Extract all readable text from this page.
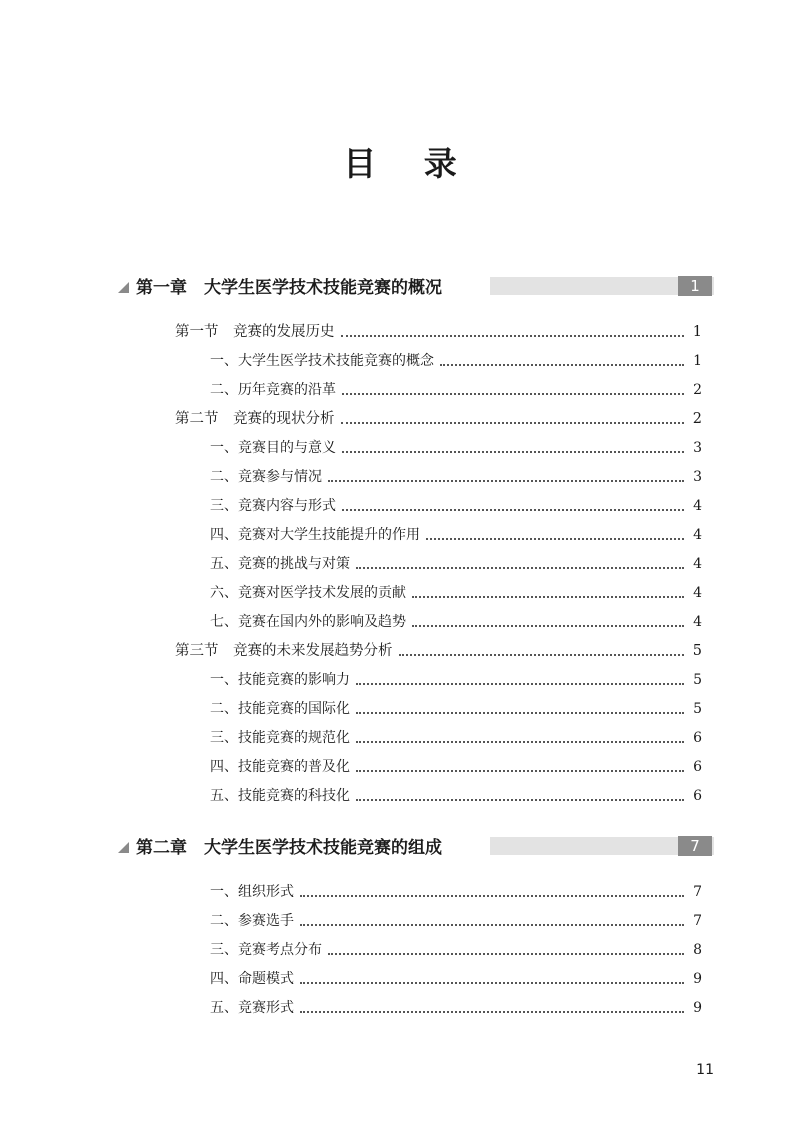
目 录
第一章　大学生医学技术技能竞赛的概况	1
第一节　竞赛的发展历史	1
一、大学生医学技术技能竞赛的概念	1
二、历年竞赛的沿革	2
第二节　竞赛的现状分析	2
一、竞赛目的与意义	3
二、竞赛参与情况	3
三、竞赛内容与形式	4
四、竞赛对大学生技能提升的作用	4
五、竞赛的挑战与对策	4
六、竞赛对医学技术发展的贡献	4
七、竞赛在国内外的影响及趋势	4
第三节　竞赛的未来发展趋势分析	5
一、技能竞赛的影响力	5
二、技能竞赛的国际化	5
三、技能竞赛的规范化	6
四、技能竞赛的普及化	6
五、技能竞赛的科技化	6
第二章　大学生医学技术技能竞赛的组成	7
一、组织形式	7
二、参赛选手	7
三、竞赛考点分布	8
四、命题模式	9
五、竞赛形式	9
11
